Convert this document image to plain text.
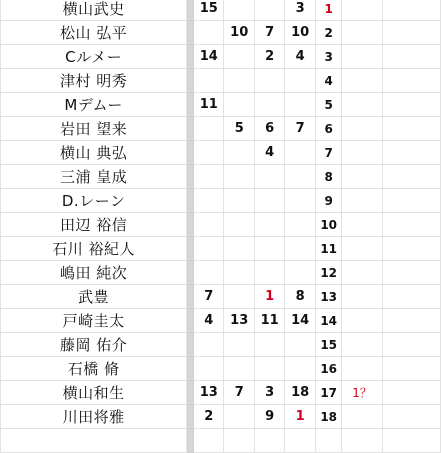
横山武史		15			3	1		
松山 弘平			10	7	10	2		
Cルメー		14		2	4	3		
津村 明秀						4		
Mデムー		11				5		
岩田 望来			5	6	7	6		
横山 典弘				4		7		
三浦 皇成						8		
D.レーン						9		
田辺 裕信						10		
石川 裕紀人						11		
嶋田 純次						12		
武豊		7		1	8	13		
戸崎圭太		4	13	11	14	14		
藤岡 佑介						15		
石橋 脩						16		
横山和生		13	7	3	18	17	1？	
川田将雅		2		9	1	18		
